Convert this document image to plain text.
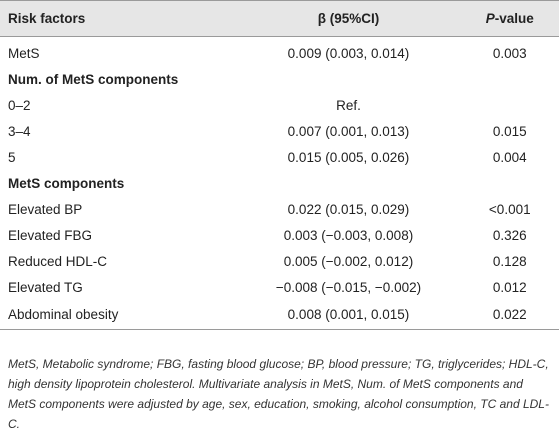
Risk factors	β (95%CI)	P-value
MetS	0.009 (0.003, 0.014)	0.003
Num. of MetS components		
0–2	Ref.	
3–4	0.007 (0.001, 0.013)	0.015
5	0.015 (0.005, 0.026)	0.004
MetS components		
Elevated BP	0.022 (0.015, 0.029)	<0.001
Elevated FBG	0.003 (−0.003, 0.008)	0.326
Reduced HDL-C	0.005 (−0.002, 0.012)	0.128
Elevated TG	−0.008 (−0.015, −0.002)	0.012
Abdominal obesity	0.008 (0.001, 0.015)	0.022
MetS, Metabolic syndrome; FBG, fasting blood glucose; BP, blood pressure; TG, triglycerides; HDL-C, high density lipoprotein cholesterol. Multivariate analysis in MetS, Num. of MetS components and MetS components were adjusted by age, sex, education, smoking, alcohol consumption, TC and LDL-C.
